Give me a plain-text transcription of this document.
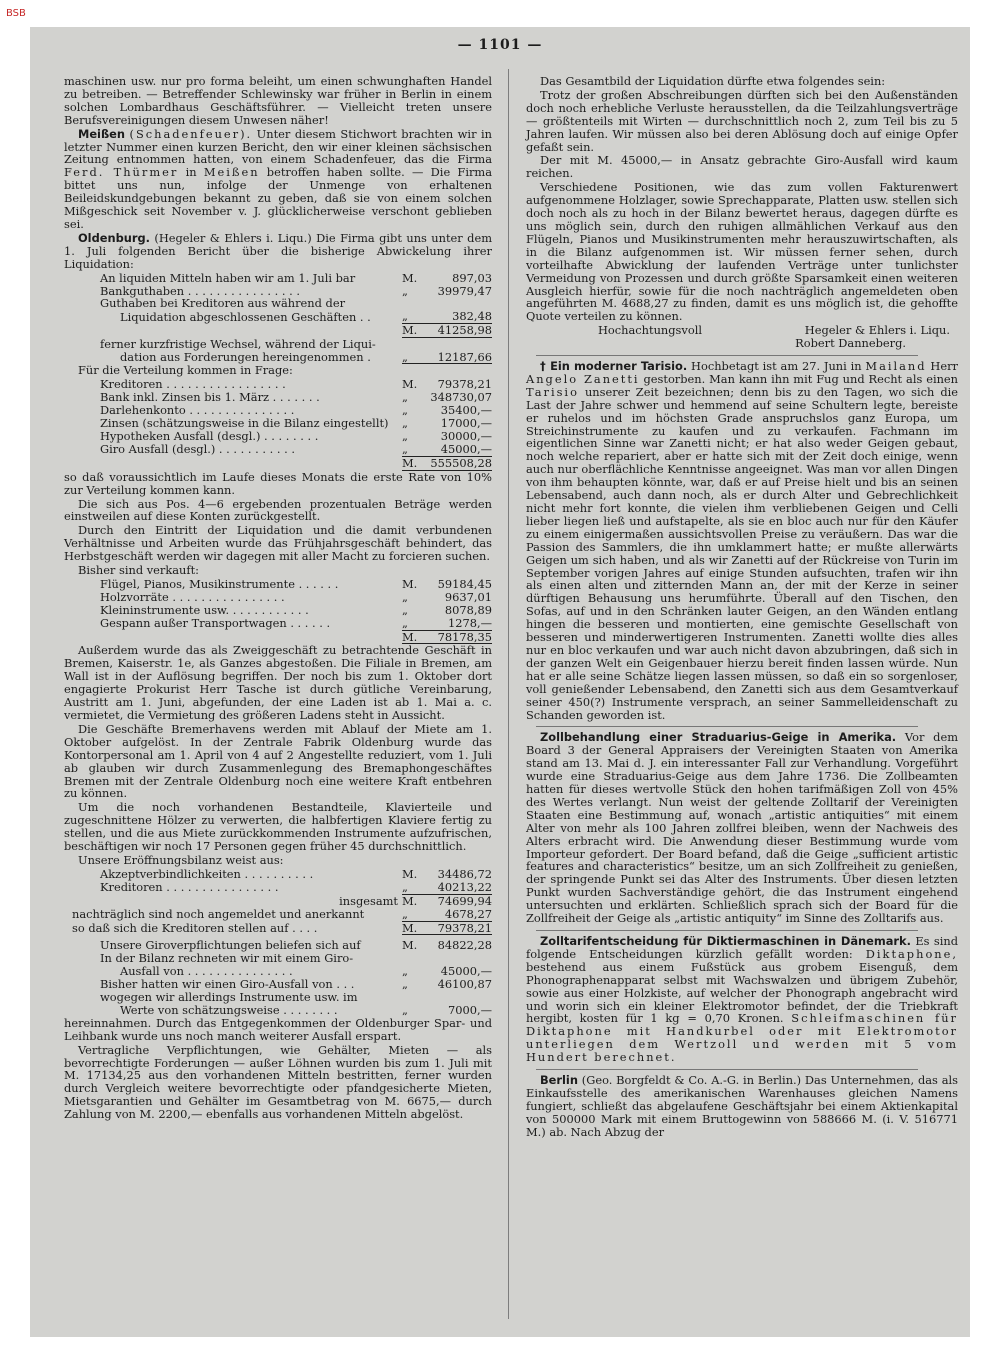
BSB
— 1101 —

maschinen usw. nur pro forma beleiht, um einen schwunghaften Handel zu betreiben. — Betreffender Schlewinsky war früher in Berlin in einem solchen Lombardhaus Geschäftsführer. — Vielleicht treten unsere Berufsvereinigungen diesem Unwesen näher!

Meißen (Schadenfeuer). Unter diesem Stichwort brachten wir in letzter Nummer einen kurzen Bericht, den wir einer kleinen sächsischen Zeitung entnommen hatten, von einem Schadenfeuer, das die Firma Ferd. Thürmer in Meißen betroffen haben sollte. — Die Firma bittet uns nun, infolge der Unmenge von erhaltenen Beileidskundgebungen bekannt zu geben, daß sie von einem solchen Mißgeschick seit November v. J. glücklicherweise verschont geblieben sei.

Oldenburg. (Hegeler & Ehlers i. Liqu.) Die Firma gibt uns unter dem 1. Juli folgenden Bericht über die bisherige Abwickelung ihrer Liquidation:

An liquiden Mitteln haben wir am 1. Juli bar	M.	897,03
Bankguthaben . . . . . . . . . . . . . . . .	„	39979,47
Guthaben bei Kreditoren aus während der		
Liquidation abgeschlossenen Geschäften . .	„	382,48
	M.	41258,98
ferner kurzfristige Wechsel, während der Liqui-		
dation aus Forderungen hereingenommen .	„	12187,66

Für die Verteilung kommen in Frage:

Kreditoren . . . . . . . . . . . . . . . . .	M.	79378,21
Bank inkl. Zinsen bis 1. März . . . . . . .	„	348730,07
Darlehenkonto . . . . . . . . . . . . . . .	„	35400,—
Zinsen (schätzungsweise in die Bilanz eingestellt)	„	17000,—
Hypotheken Ausfall (desgl.) . . . . . . . .	„	30000,—
Giro Ausfall (desgl.) . . . . . . . . . . .	„	45000,—
	M.	555508,28

so daß voraussichtlich im Laufe dieses Monats die erste Rate von 10% zur Verteilung kommen kann.

Die sich aus Pos. 4—6 ergebenden prozentualen Beträge werden einstweilen auf diese Konten zurückgestellt.

Durch den Eintritt der Liquidation und die damit verbundenen Verhältnisse und Arbeiten wurde das Frühjahrsgeschäft behindert, das Herbstgeschäft werden wir dagegen mit aller Macht zu forcieren suchen.

Bisher sind verkauft:

Flügel, Pianos, Musikinstrumente . . . . . .	M.	59184,45
Holzvorräte . . . . . . . . . . . . . . . .	„	9637,01
Kleininstrumente usw. . . . . . . . . . . .	„	8078,89
Gespann außer Transportwagen . . . . . .	„	1278,—
	M.	78178,35

Außerdem wurde das als Zweiggeschäft zu betrachtende Geschäft in Bremen, Kaiserstr. 1e, als Ganzes abgestoßen. Die Filiale in Bremen, am Wall ist in der Auflösung begriffen. Der noch bis zum 1. Oktober dort engagierte Prokurist Herr Tasche ist durch gütliche Vereinbarung, Austritt am 1. Juni, abgefunden, der eine Laden ist ab 1. Mai a. c. vermietet, die Vermietung des größeren Ladens steht in Aussicht.

Die Geschäfte Bremerhavens werden mit Ablauf der Miete am 1. Oktober aufgelöst. In der Zentrale Fabrik Oldenburg wurde das Kontorpersonal am 1. April von 4 auf 2 Angestellte reduziert, vom 1. Juli ab glauben wir durch Zusammenlegung des Bremaphongeschäftes Bremen mit der Zentrale Oldenburg noch eine weitere Kraft entbehren zu können.

Um die noch vorhandenen Bestandteile, Klavierteile und zugeschnittene Hölzer zu verwerten, die halbfertigen Klaviere fertig zu stellen, und die aus Miete zurückkommenden Instrumente aufzufrischen, beschäftigen wir noch 17 Personen gegen früher 45 durchschnittlich.

Unsere Eröffnungsbilanz weist aus:

Akzeptverbindlichkeiten . . . . . . . . . .	M.	34486,72
Kreditoren . . . . . . . . . . . . . . . .	„	40213,22
insgesamt	M.	74699,94
nachträglich sind noch angemeldet und anerkannt	„	4678,27
so daß sich die Kreditoren stellen auf . . . .	M.	79378,21
Unsere Giroverpflichtungen beliefen sich auf	M.	84822,28
In der Bilanz rechneten wir mit einem Giro-		
Ausfall von . . . . . . . . . . . . . . .	„	45000,—
Bisher hatten wir einen Giro-Ausfall von . . .	„	46100,87
wogegen wir allerdings Instrumente usw. im		
Werte von schätzungsweise . . . . . . . .	„	7000,—

hereinnahmen. Durch das Entgegenkommen der Oldenburger Spar- und Leihbank wurde uns noch manch weiterer Ausfall erspart.

Vertragliche Verpflichtungen, wie Gehälter, Mieten — als bevorrechtigte Forderungen — außer Löhnen wurden bis zum 1. Juli mit M. 17134,25 aus den vorhandenen Mitteln bestritten, ferner wurden durch Vergleich weitere bevorrechtigte oder pfandgesicherte Mieten, Mietsgarantien und Gehälter im Gesamtbetrag von M. 6675,— durch Zahlung von M. 2200,— ebenfalls aus vorhandenen Mitteln abgelöst.

Das Gesamtbild der Liquidation dürfte etwa folgendes sein:

Trotz der großen Abschreibungen dürften sich bei den Außenständen doch noch erhebliche Verluste herausstellen, da die Teilzahlungsverträge — größtenteils mit Wirten — durchschnittlich noch 2, zum Teil bis zu 5 Jahren laufen. Wir müssen also bei deren Ablösung doch auf einige Opfer gefaßt sein.

Der mit M. 45000,— in Ansatz gebrachte Giro-Ausfall wird kaum reichen.

Verschiedene Positionen, wie das zum vollen Fakturenwert aufgenommene Holzlager, sowie Sprechapparate, Platten usw. stellen sich doch noch als zu hoch in der Bilanz bewertet heraus, dagegen dürfte es uns möglich sein, durch den ruhigen allmählichen Verkauf aus den Flügeln, Pianos und Musikinstrumenten mehr herauszuwirtschaften, als in die Bilanz aufgenommen ist. Wir müssen ferner sehen, durch vorteilhafte Abwicklung der laufenden Verträge unter tunlichster Vermeidung von Prozessen und durch größte Sparsamkeit einen weiteren Ausgleich hierfür, sowie für die noch nachträglich angemeldeten oben angeführten M. 4688,27 zu finden, damit es uns möglich ist, die gehoffte Quote verteilen zu können.

Hochachtungsvoll	Hegeler & Ehlers i. Liqu.
Robert Danneberg.

† Ein moderner Tarisio. Hochbetagt ist am 27. Juni in Mailand Herr Angelo Zanetti gestorben. Man kann ihn mit Fug und Recht als einen Tarisio unserer Zeit bezeichnen; denn bis zu den Tagen, wo sich die Last der Jahre schwer und hemmend auf seine Schultern legte, bereiste er ruhelos und im höchsten Grade anspruchslos ganz Europa, um Streichinstrumente zu kaufen und zu verkaufen. Fachmann im eigentlichen Sinne war Zanetti nicht; er hat also weder Geigen gebaut, noch welche repariert, aber er hatte sich mit der Zeit doch einige, wenn auch nur oberflächliche Kenntnisse angeeignet. Was man vor allen Dingen von ihm behaupten könnte, war, daß er auf Preise hielt und bis an seinen Lebensabend, auch dann noch, als er durch Alter und Gebrechlichkeit nicht mehr fort konnte, die vielen ihm verbliebenen Geigen und Celli lieber liegen ließ und aufstapelte, als sie en bloc auch nur für den Käufer zu einem einigermaßen aussichtsvollen Preise zu veräußern. Das war die Passion des Sammlers, die ihn umklammert hatte; er mußte allerwärts Geigen um sich haben, und als wir Zanetti auf der Rückreise von Turin im September vorigen Jahres auf einige Stunden aufsuchten, trafen wir ihn als einen alten und zitternden Mann an, der mit der Kerze in seiner dürftigen Behausung uns herumführte. Überall auf den Tischen, den Sofas, auf und in den Schränken lauter Geigen, an den Wänden entlang hingen die besseren und montierten, eine gemischte Gesellschaft von besseren und minderwertigeren Instrumenten. Zanetti wollte dies alles nur en bloc verkaufen und war auch nicht davon abzubringen, daß sich in der ganzen Welt ein Geigenbauer hierzu bereit finden lassen würde. Nun hat er alle seine Schätze liegen lassen müssen, so daß ein so sorgenloser, voll genießender Lebensabend, den Zanetti sich aus dem Gesamtverkauf seiner 450(?) Instrumente versprach, an seiner Sammelleidenschaft zu Schanden geworden ist.

Zollbehandlung einer Straduarius-Geige in Amerika. Vor dem Board 3 der General Appraisers der Vereinigten Staaten von Amerika stand am 13. Mai d. J. ein interessanter Fall zur Verhandlung. Vorgeführt wurde eine Straduarius-Geige aus dem Jahre 1736. Die Zollbeamten hatten für dieses wertvolle Stück den hohen tarifmäßigen Zoll von 45% des Wertes verlangt. Nun weist der geltende Zolltarif der Vereinigten Staaten eine Bestimmung auf, wonach „artistic antiquities“ mit einem Alter von mehr als 100 Jahren zollfrei bleiben, wenn der Nachweis des Alters erbracht wird. Die Anwendung dieser Bestimmung wurde vom Importeur gefordert. Der Board befand, daß die Geige „sufficient artistic features and characteristics“ besitze, um an sich Zollfreiheit zu genießen, der springende Punkt sei das Alter des Instruments. Über diesen letzten Punkt wurden Sachverständige gehört, die das Instrument eingehend untersuchten und erklärten. Schließlich sprach sich der Board für die Zollfreiheit der Geige als „artistic antiquity“ im Sinne des Zolltarifs aus.

Zolltarifentscheidung für Diktiermaschinen in Dänemark. Es sind folgende Entscheidungen kürzlich gefällt worden: Diktaphone, bestehend aus einem Fußstück aus grobem Eisenguß, dem Phonographenapparat selbst mit Wachswalzen und übrigem Zubehör, sowie aus einer Holzkiste, auf welcher der Phonograph angebracht wird und worin sich ein kleiner Elektromotor befindet, der die Triebkraft hergibt, kosten für 1 kg = 0,70 Kronen. Schleifmaschinen für Diktaphone mit Handkurbel oder mit Elektromotor unterliegen dem Wertzoll und werden mit 5 vom Hundert berechnet.

Berlin (Geo. Borgfeldt & Co. A.-G. in Berlin.) Das Unternehmen, das als Einkaufsstelle des amerikanischen Warenhauses gleichen Namens fungiert, schließt das abgelaufene Geschäftsjahr bei einem Aktienkapital von 500000 Mark mit einem Bruttogewinn von 588666 M. (i. V. 516771 M.) ab. Nach Abzug der
